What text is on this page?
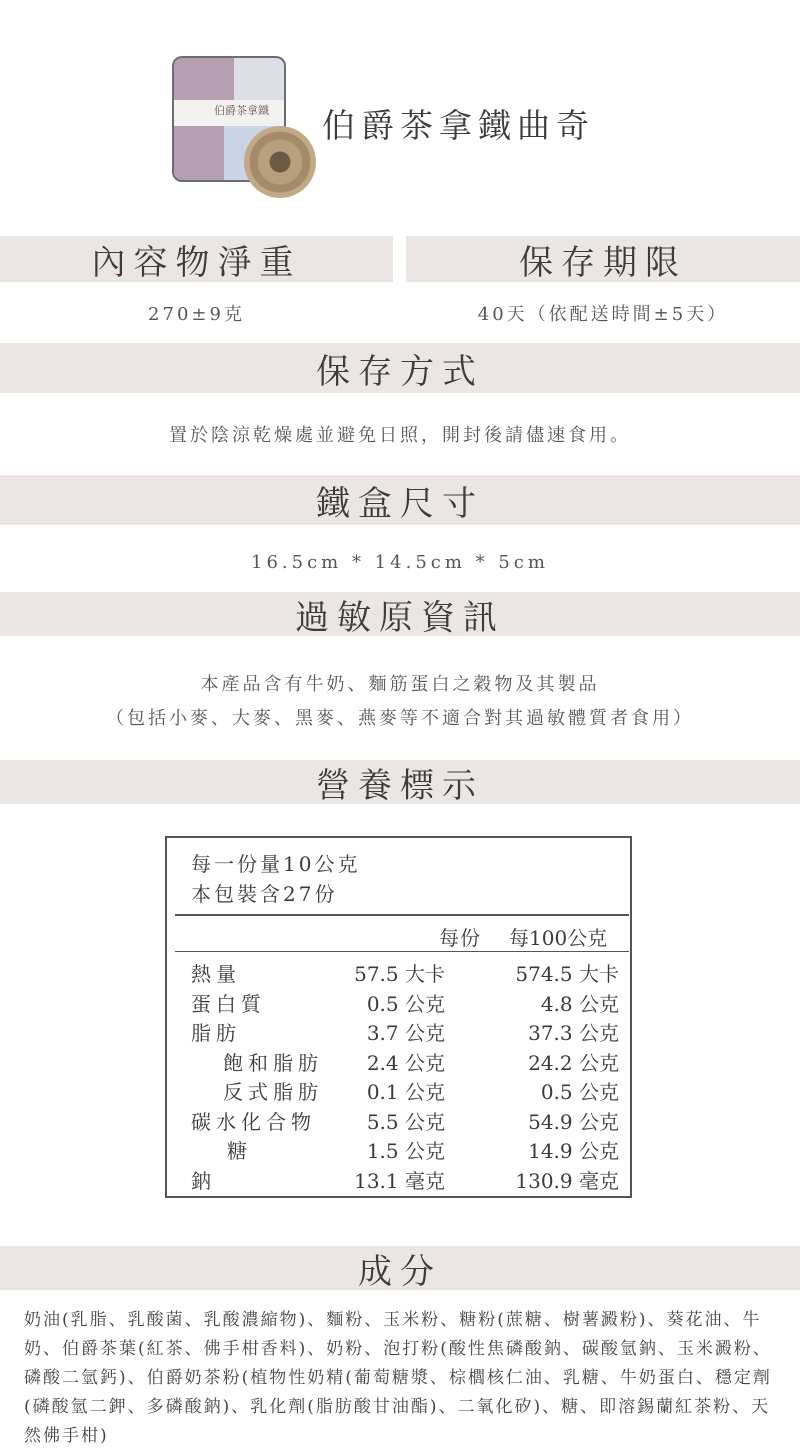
伯爵茶拿鐵 伯爵茶拿鐵曲奇
內容物淨重	保存期限
270±9克	40天（依配送時間±5天）
保存方式
置於陰涼乾燥處並避免日照，開封後請儘速食用。
鐵盒尺寸
16.5cm * 14.5cm * 5cm
過敏原資訊
本產品含有牛奶、麵筋蛋白之穀物及其製品
（包括小麥、大麥、黑麥、燕麥等不適合對其過敏體質者食用）
營養標示
每一份量10公克
本包裝含27份
每份 每100公克
熱量	57.5 大卡	574.5 大卡
蛋白質	0.5 公克	4.8 公克
脂肪	3.7 公克	37.3 公克
飽和脂肪 2.4 公克	24.2 公克
反式脂肪 0.1 公克	0.5 公克
碳水化合物	5.5 公克	54.9 公克
糖	1.5 公克	14.9 公克
鈉	13.1 毫克	130.9 毫克
成分
奶油(乳脂、乳酸菌、乳酸濃縮物)、麵粉、玉米粉、糖粉(蔗糖、樹薯澱粉)、葵花油、牛奶、伯爵茶葉(紅茶、佛手柑香料)、奶粉、泡打粉(酸性焦磷酸鈉、碳酸氫鈉、玉米澱粉、磷酸二氫鈣)、伯爵奶茶粉(植物性奶精(葡萄糖漿、棕櫚核仁油、乳糖、牛奶蛋白、穩定劑(磷酸氫二鉀、多磷酸鈉)、乳化劑(脂肪酸甘油酯)、二氧化矽)、糖、即溶錫蘭紅茶粉、天然佛手柑)
